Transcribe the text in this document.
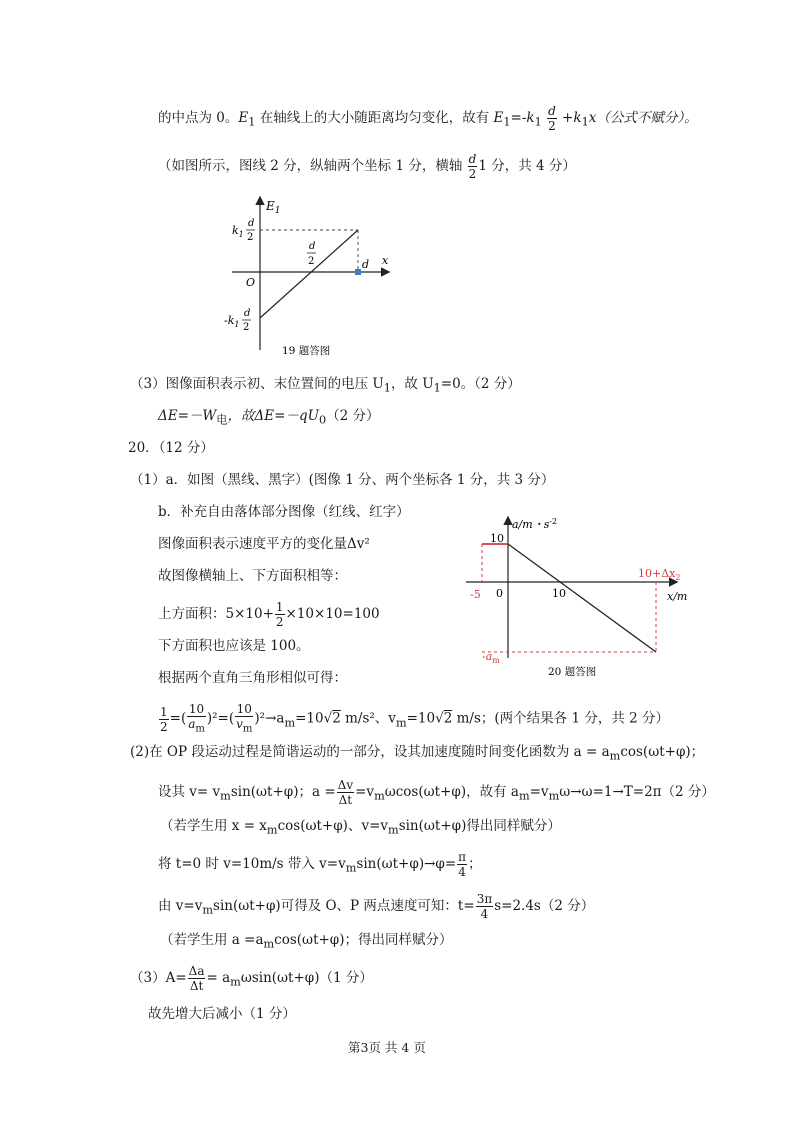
的中点为 0。$E_1$ 在轴线上的大小随距离均匀变化，故有 $E_1=-k_1 \frac{d}{2} +k_1x$（公式不赋分）。
（如图所示，图线 2 分，纵轴两个坐标 1 分，横轴 $\frac{d}{2} 1$ 分，共 4 分）
$E_1$
x
O
$k_1$
d
2
d
2	d
$-k_1$
d
2
19 题答图
（3）图像面积表示初、末位置间的电压 $U_1$，故 $U_1=0$。（2 分）
$\Delta E=-W_电$，故$\Delta E=-qU_0(2$ 分）
20．（12 分）
（1）a．如图（黑线、黑字）(图像 1 分、两个坐标各 1 分，共 3 分）
b．补充自由落体部分图像（红线、红字）
图像面积表示速度平方的变化量Δv²
故图像横轴上、下方面积相等：
上方面积：$5\times 10+ \frac{1}{2} \times 10\times 10=100$
下方面积也应该是 100。
根据两个直角三角形相似可得：
$\frac{1}{2}$ =( $\frac{10}{a_m} )^2=( \frac{10}{v_m} )^2\to a_m=10√2$ m/s²、$v_m=10√2$ m/s；(两个结果各 1 分，共 2 分）
(2)在 OP 段运动过程是简谐运动的一部分，设其加速度随时间变化函数为 $a = a_m\cos(\omega t+\varphi)$；
设其 $v= v_m\sin(\omega t+\varphi)$；$a = \frac{\Delta v}{\Delta t} =v_m\omega\cos(\omega t+\varphi)$，故有 $a_m=v_m\omega\to\omega=1\to T=2\pi(2$ 分）
（若学生用 $x = x_m\cos(\omega t+\varphi)$、$v=v_m\sin(\omega t+\varphi)$得出同样赋分）
将 t=0 时 v=10m/s 带入 $v=v_m\sin(\omega t+\varphi)\to\varphi= \frac{\pi}{4}$ ；
由 $v=v_m\sin(\omega t+\varphi)$可得及 O、P 两点速度可知：$t= \frac{3\pi}{4} s=2.4s(2$ 分）
（若学生用 $a =a_m\cos(\omega t+\varphi)$；得出同样赋分）
$(3)A= \frac{\Delta a}{\Delta t} = a_m\omega\sin(\omega t+\varphi)(1$ 分）
故先增大后减小（1 分）
a/m・$s^{-2}$
x/m
10
0	10
-5
$10+\Delta x_2$
$-a_m$
20 题答图
第3页 共 4 页
